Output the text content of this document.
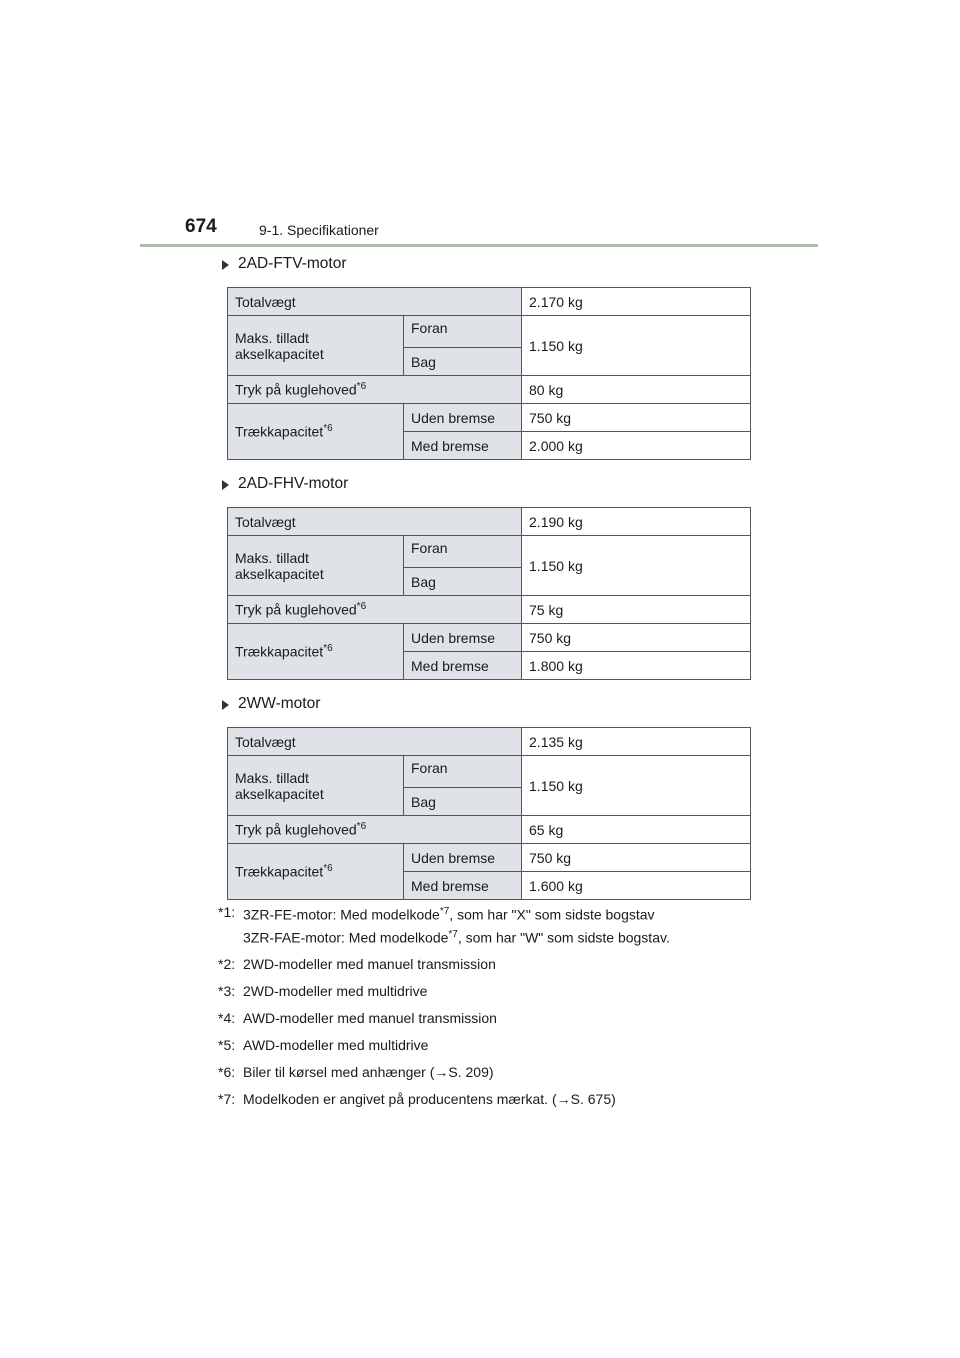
674	9-1. Specifikationer
2AD-FTV-motor
Totalvægt		2.170 kg
Maks. tilladt akselkapacitet	Foran	1.150 kg
	Bag	
Tryk på kuglehoved$^{*6}$		80 kg
Trækkapacitet$^{*6}$	Uden bremse	750 kg
	Med bremse	2.000 kg
2AD-FHV-motor
Totalvægt		2.190 kg
Maks. tilladt akselkapacitet	Foran	1.150 kg
	Bag	
Tryk på kuglehoved$^{*6}$		75 kg
Trækkapacitet$^{*6}$	Uden bremse	750 kg
	Med bremse	1.800 kg
2WW-motor
Totalvægt		2.135 kg
Maks. tilladt akselkapacitet	Foran	1.150 kg
	Bag	
Tryk på kuglehoved$^{*6}$		65 kg
Trækkapacitet$^{*6}$	Uden bremse	750 kg
	Med bremse	1.600 kg
*1: 3ZR-FE-motor: Med modelkode$^{*7}$, som har "X" som sidste bogstav
3ZR-FAE-motor: Med modelkode$^{*7}$, som har "W" som sidste bogstav.
*2: 2WD-modeller med manuel transmission
*3: 2WD-modeller med multidrive
*4: AWD-modeller med manuel transmission
*5: AWD-modeller med multidrive
*6: Biler til kørsel med anhænger (→S. 209)
*7: Modelkoden er angivet på producentens mærkat. (→S. 675)
